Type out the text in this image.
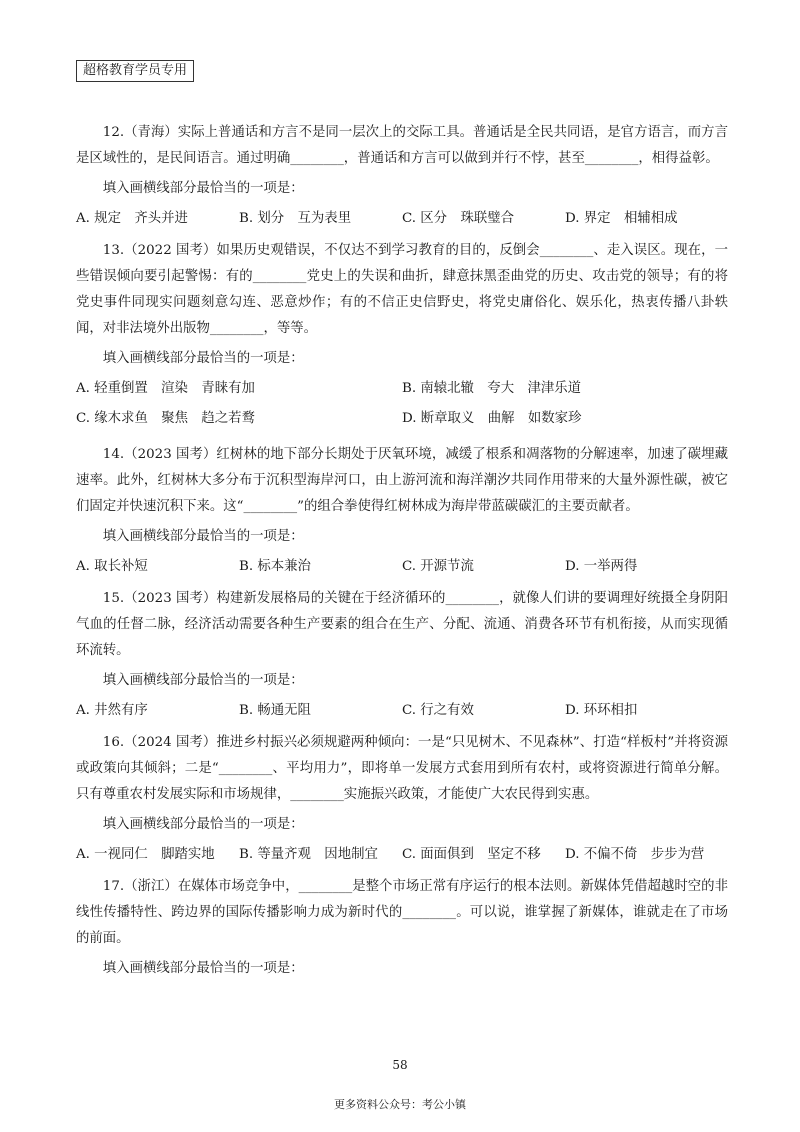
超格教育学员专用

12.（青海）实际上普通话和方言不是同一层次上的交际工具。普通话是全民共同语，是官方语言，而方言是区域性的，是民间语言。通过明确________，普通话和方言可以做到并行不悖，甚至________，相得益彰。

填入画横线部分最恰当的一项是：

A. 规定　齐头并进	B. 划分　互为表里	C. 区分　珠联璧合	D. 界定　相辅相成

13.（2022 国考）如果历史观错误，不仅达不到学习教育的目的，反倒会________、走入误区。现在，一些错误倾向要引起警惕：有的________党史上的失误和曲折，肆意抹黑歪曲党的历史、攻击党的领导；有的将党史事件同现实问题刻意勾连、恶意炒作；有的不信正史信野史，将党史庸俗化、娱乐化，热衷传播八卦轶闻，对非法境外出版物________，等等。

填入画横线部分最恰当的一项是：

A. 轻重倒置　渲染　青睐有加	B. 南辕北辙　夸大　津津乐道
C. 缘木求鱼　聚焦　趋之若鹜	D. 断章取义　曲解　如数家珍

14.（2023 国考）红树林的地下部分长期处于厌氧环境，减缓了根系和凋落物的分解速率，加速了碳埋藏速率。此外，红树林大多分布于沉积型海岸河口，由上游河流和海洋潮汐共同作用带来的大量外源性碳，被它们固定并快速沉积下来。这“________”的组合拳使得红树林成为海岸带蓝碳碳汇的主要贡献者。

填入画横线部分最恰当的一项是：

A. 取长补短	B. 标本兼治	C. 开源节流	D. 一举两得

15.（2023 国考）构建新发展格局的关键在于经济循环的________，就像人们讲的要调理好统摄全身阴阳气血的任督二脉，经济活动需要各种生产要素的组合在生产、分配、流通、消费各环节有机衔接，从而实现循环流转。

填入画横线部分最恰当的一项是：

A. 井然有序	B. 畅通无阻	C. 行之有效	D. 环环相扣

16.（2024 国考）推进乡村振兴必须规避两种倾向：一是“只见树木、不见森林”、打造“样板村”并将资源或政策向其倾斜；二是“________、平均用力”，即将单一发展方式套用到所有农村，或将资源进行简单分解。只有尊重农村发展实际和市场规律，________实施振兴政策，才能使广大农民得到实惠。

填入画横线部分最恰当的一项是：

A. 一视同仁　脚踏实地	B. 等量齐观　因地制宜	C. 面面俱到　坚定不移	D. 不偏不倚　步步为营

17.（浙江）在媒体市场竞争中，________是整个市场正常有序运行的根本法则。新媒体凭借超越时空的非线性传播特性、跨边界的国际传播影响力成为新时代的________。可以说，谁掌握了新媒体，谁就走在了市场的前面。

填入画横线部分最恰当的一项是：

58
更多资料公众号：考公小镇
